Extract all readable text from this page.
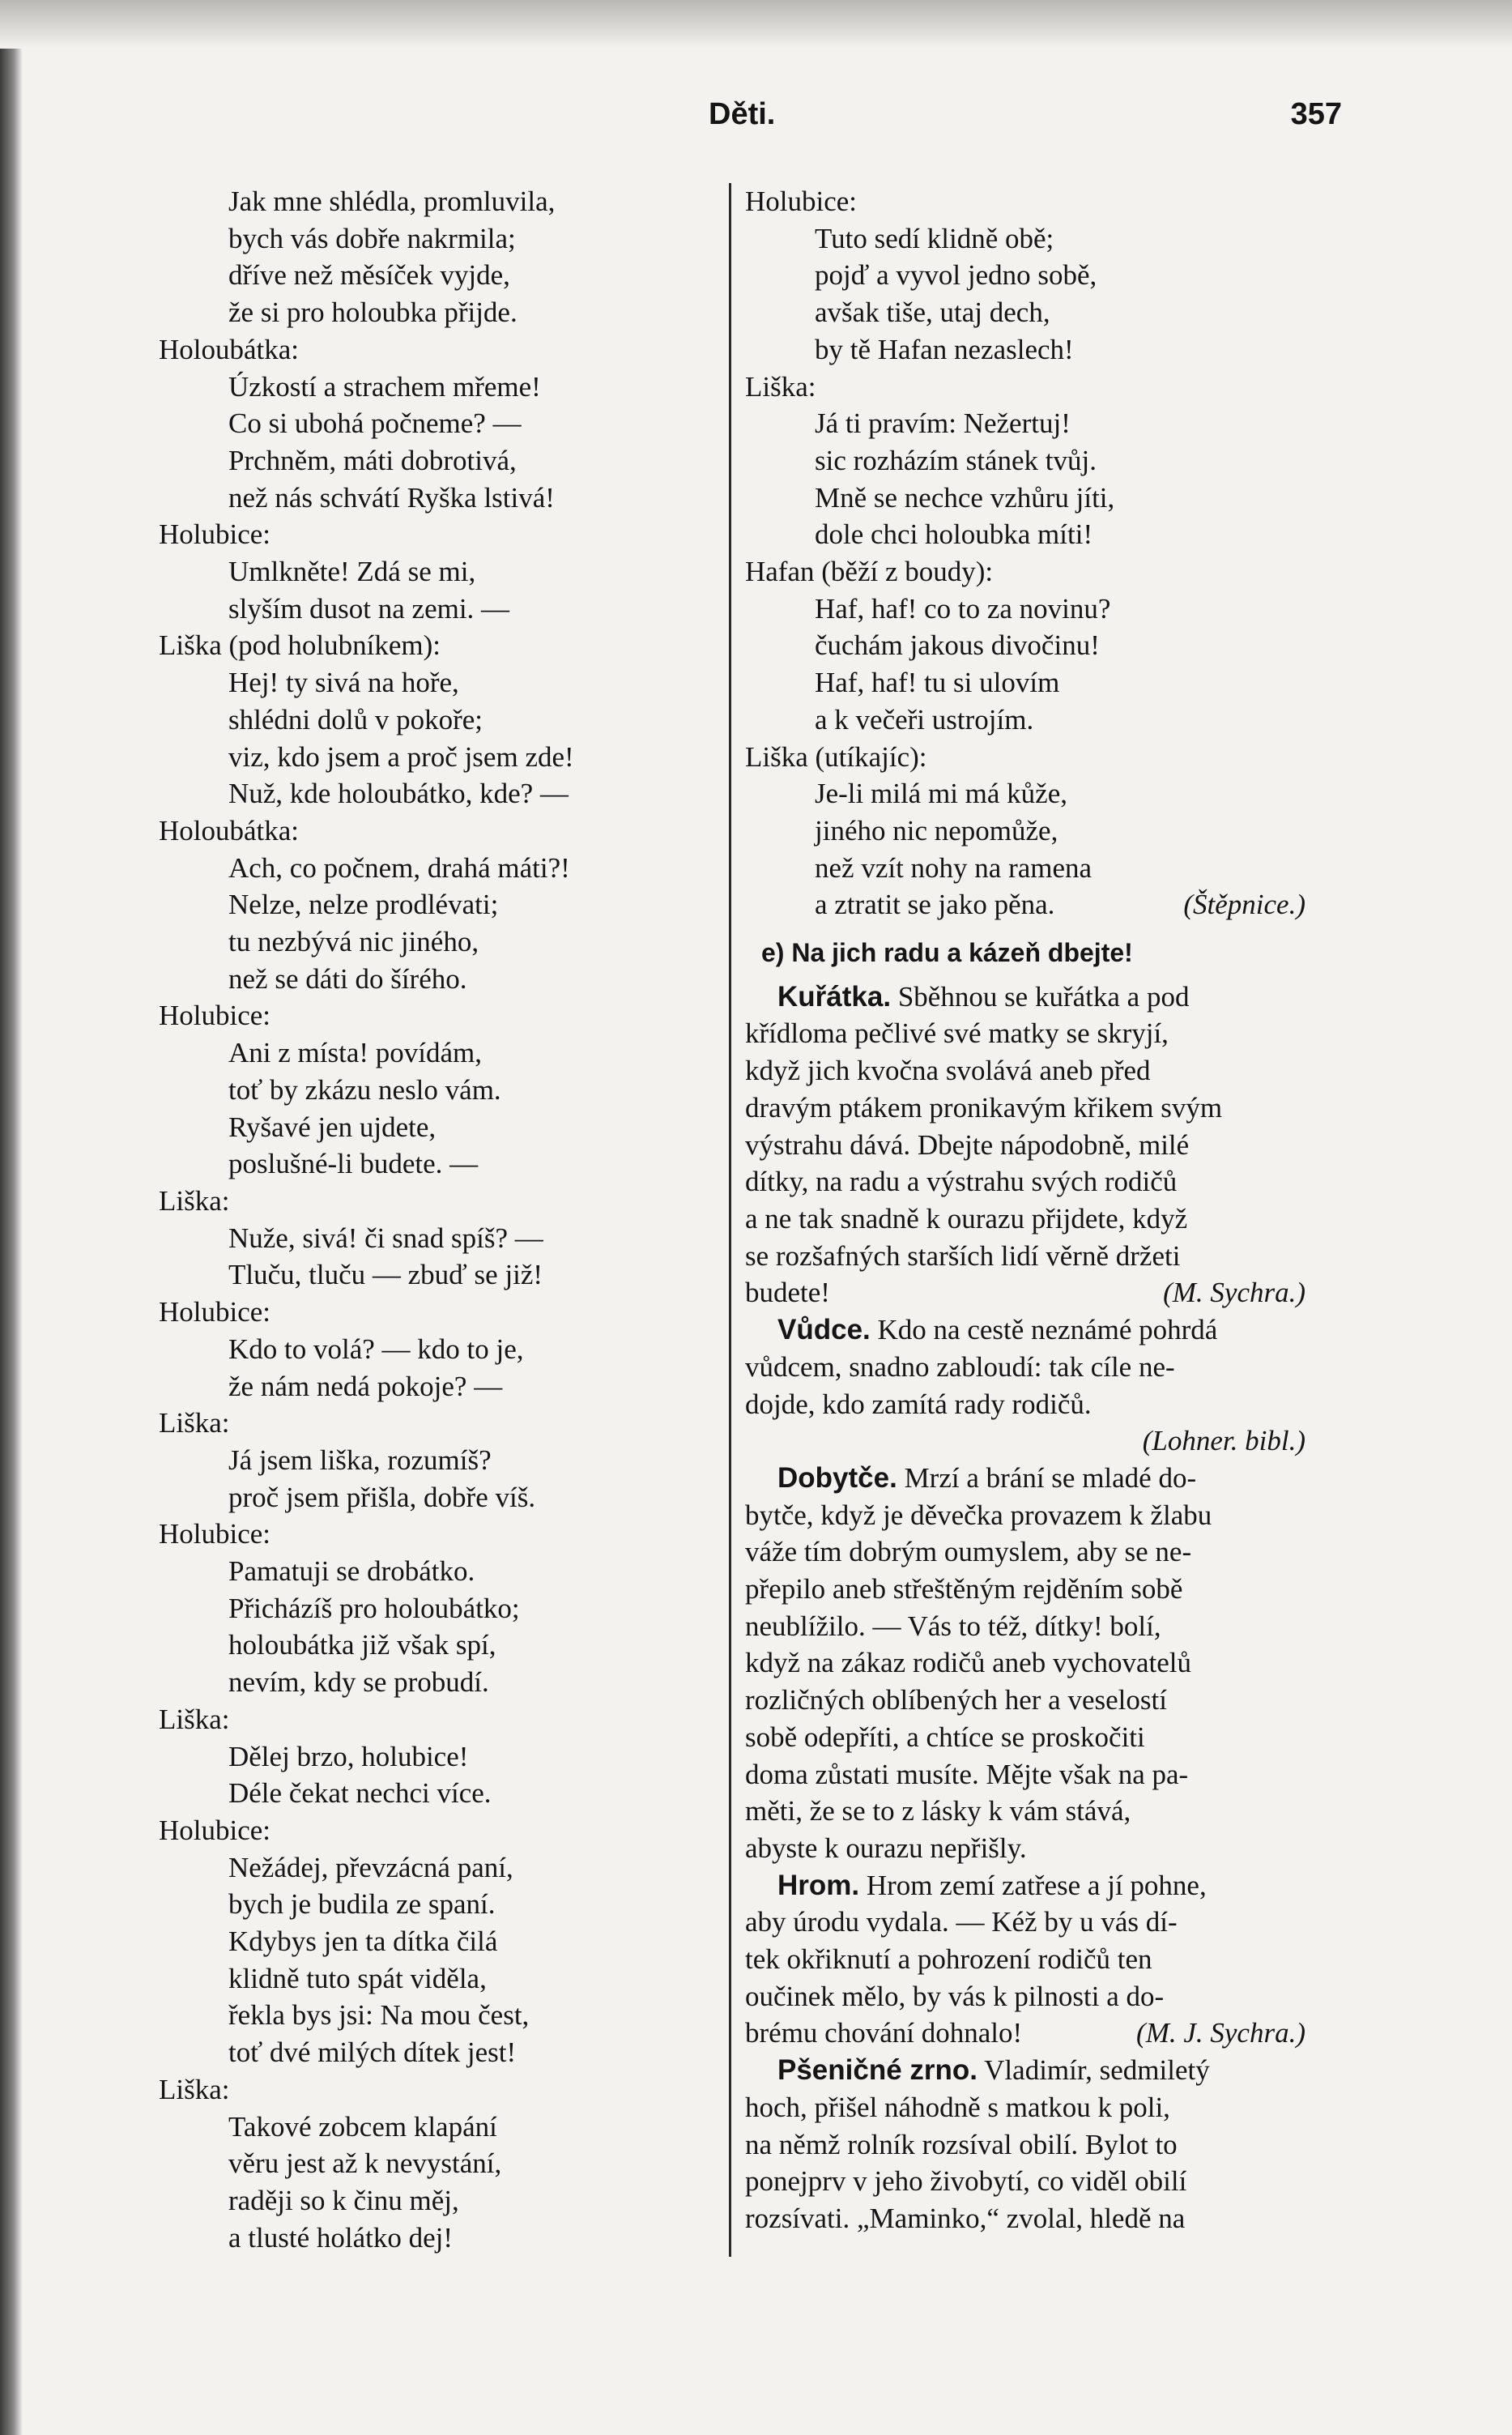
Děti.	357
Jak mne shlédla, promluvila,
bych vás dobře nakrmila;
dříve než měsíček vyjde,
že si pro holoubka přijde.
Holoubátka:
Úzkostí a strachem mřeme!
Co si ubohá počneme? —
Prchněm, máti dobrotivá,
než nás schvátí Ryška lstivá!
Holubice:
Umlkněte! Zdá se mi,
slyším dusot na zemi. —
Liška (pod holubníkem):
Hej! ty sivá na hoře,
shlédni dolů v pokoře;
viz, kdo jsem a proč jsem zde!
Nuž, kde holoubátko, kde? —
Holoubátka:
Ach, co počnem, drahá máti?!
Nelze, nelze prodlévati;
tu nezbývá nic jiného,
než se dáti do šírého.
Holubice:
Ani z místa! povídám,
toť by zkázu neslo vám.
Ryšavé jen ujdete,
poslušné-li budete. —
Liška:
Nuže, sivá! či snad spíš? —
Tluču, tluču — zbuď se již!
Holubice:
Kdo to volá? — kdo to je,
že nám nedá pokoje? —
Liška:
Já jsem liška, rozumíš?
proč jsem přišla, dobře víš.
Holubice:
Pamatuji se drobátko.
Přicházíš pro holoubátko;
holoubátka již však spí,
nevím, kdy se probudí.
Liška:
Dělej brzo, holubice!
Déle čekat nechci více.
Holubice:
Nežádej, převzácná paní,
bych je budila ze spaní.
Kdybys jen ta dítka čilá
klidně tuto spát viděla,
řekla bys jsi: Na mou čest,
toť dvé milých dítek jest!
Liška:
Takové zobcem klapání
věru jest až k nevystání,
raději so k činu měj,
a tlusté holátko dej!
Holubice:
Tuto sedí klidně obě;
pojď a vyvol jedno sobě,
avšak tiše, utaj dech,
by tě Hafan nezaslech!
Liška:
Já ti pravím: Nežertuj!
sic rozházím stánek tvůj.
Mně se nechce vzhůru jíti,
dole chci holoubka míti!
Hafan (běží z boudy):
Haf, haf! co to za novinu?
čuchám jakous divočinu!
Haf, haf! tu si ulovím
a k večeři ustrojím.
Liška (utíkajíc):
Je-li milá mi má kůže,
jiného nic nepomůže,
než vzít nohy na ramena
a ztratit se jako pěna.	(Štěpnice.)
e) Na jich radu a kázeň dbejte!
Kuřátka. Sběhnou se kuřátka a pod
křídloma pečlivé své matky se skryjí,
když jich kvočna svolává aneb před
dravým ptákem pronikavým křikem svým
výstrahu dává. Dbejte nápodobně, milé
dítky, na radu a výstrahu svých rodičů
a ne tak snadně k ourazu přijdete, když
se rozšafných starších lidí věrně držeti
budete!	(M. Sychra.)
Vůdce. Kdo na cestě neznámé pohrdá
vůdcem, snadno zabloudí: tak cíle ne-
dojde, kdo zamítá rady rodičů.
(Lohner. bibl.)
Dobytče. Mrzí a brání se mladé do-
bytče, když je děvečka provazem k žlabu
váže tím dobrým oumyslem, aby se ne-
přepilo aneb střeštěným rejděním sobě
neublížilo. — Vás to též, dítky! bolí,
když na zákaz rodičů aneb vychovatelů
rozličných oblíbených her a veselostí
sobě odepříti, a chtíce se proskočiti
doma zůstati musíte. Mějte však na pa-
měti, že se to z lásky k vám stává,
abyste k ourazu nepřišly.
Hrom. Hrom zemí zatřese a jí pohne,
aby úrodu vydala. — Kéž by u vás dí-
tek okřiknutí a pohrození rodičů ten
oučinek mělo, by vás k pilnosti a do-
brému chování dohnalo!	(M. J. Sychra.)
Pšeničné zrno. Vladimír, sedmiletý
hoch, přišel náhodně s matkou k poli,
na němž rolník rozsíval obilí. Bylot to
ponejprv v jeho živobytí, co viděl obilí
rozsívati. „Maminko,“ zvolal, hledě na
